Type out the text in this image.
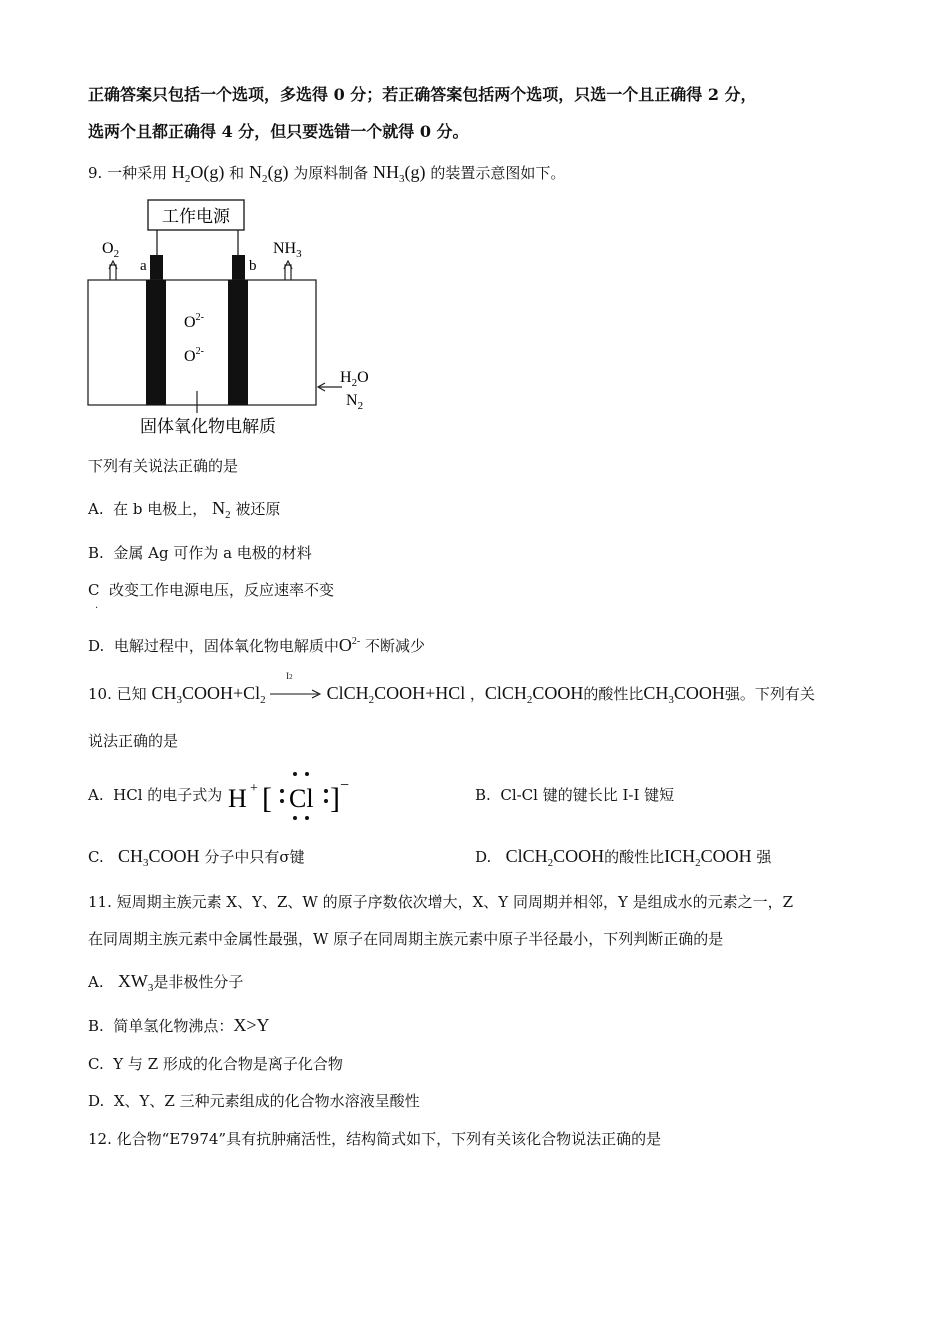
正确答案只包括一个选项，多选得 0 分；若正确答案包括两个选项，只选一个且正确得 2 分，
选两个且都正确得 4 分，但只要选错一个就得 0 分。
9. 一种采用 $H_2O(g)$ 和 $N_2(g)$ 为原料制备 $NH_3(g)$ 的装置示意图如下。
工作电源
a	b
$O_2$	$NH_3$
$O^{2-}$
$O^{2-}$
$H_2O$
$N_2$
固体氧化物电解质
下列有关说法正确的是
A. 在 b 电极上， $N_2$ 被还原
B. 金属 Ag 可作为 a 电极的材料
C 改变工作电源电压，反应速率不变
.
D. 电解过程中，固体氧化物电解质中$O^{2-}$ 不断减少
10. 已知 $CH_3COOH+Cl_2$
I2
ClCH$_2$COOH+HCl ，ClCH$_2$COOH的酸性比$CH_3COOH$强。下列有关
说法正确的是
A. HCl 的电子式为 H + [ Cl ] −
B. Cl-Cl 键的键长比 I-I 键短
C. $CH_3COOH$ 分子中只有σ键	D. ClCH$_2$COOH的酸性比$ICH_2COOH$ 强
11. 短周期主族元素 X、Y、Z、W 的原子序数依次增大，X、Y 同周期并相邻，Y 是组成水的元素之一，Z
在同周期主族元素中金属性最强，W 原子在同周期主族元素中原子半径最小，下列判断正确的是
A. $XW_3$是非极性分子
B. 简单氢化物沸点：X>Y
C. Y 与 Z 形成的化合物是离子化合物
D. X、Y、Z 三种元素组成的化合物水溶液呈酸性
12. 化合物“E7974”具有抗肿痛活性，结构简式如下，下列有关该化合物说法正确的是
